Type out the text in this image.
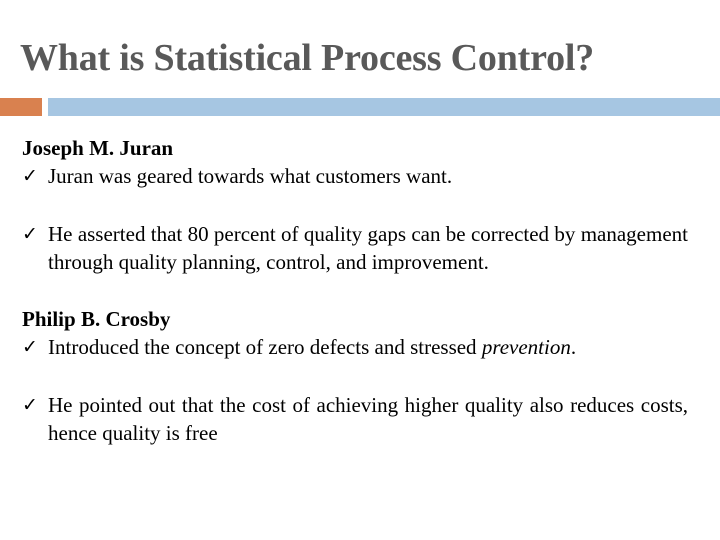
What is Statistical Process Control?
Joseph M. Juran
✓ Juran was geared towards what customers want.
✓ He asserted that 80 percent of quality gaps can be corrected by management through quality planning, control, and improvement.
Philip B. Crosby
✓ Introduced the concept of zero defects and stressed prevention.
✓ He pointed out that the cost of achieving higher quality also reduces costs, hence quality is free
